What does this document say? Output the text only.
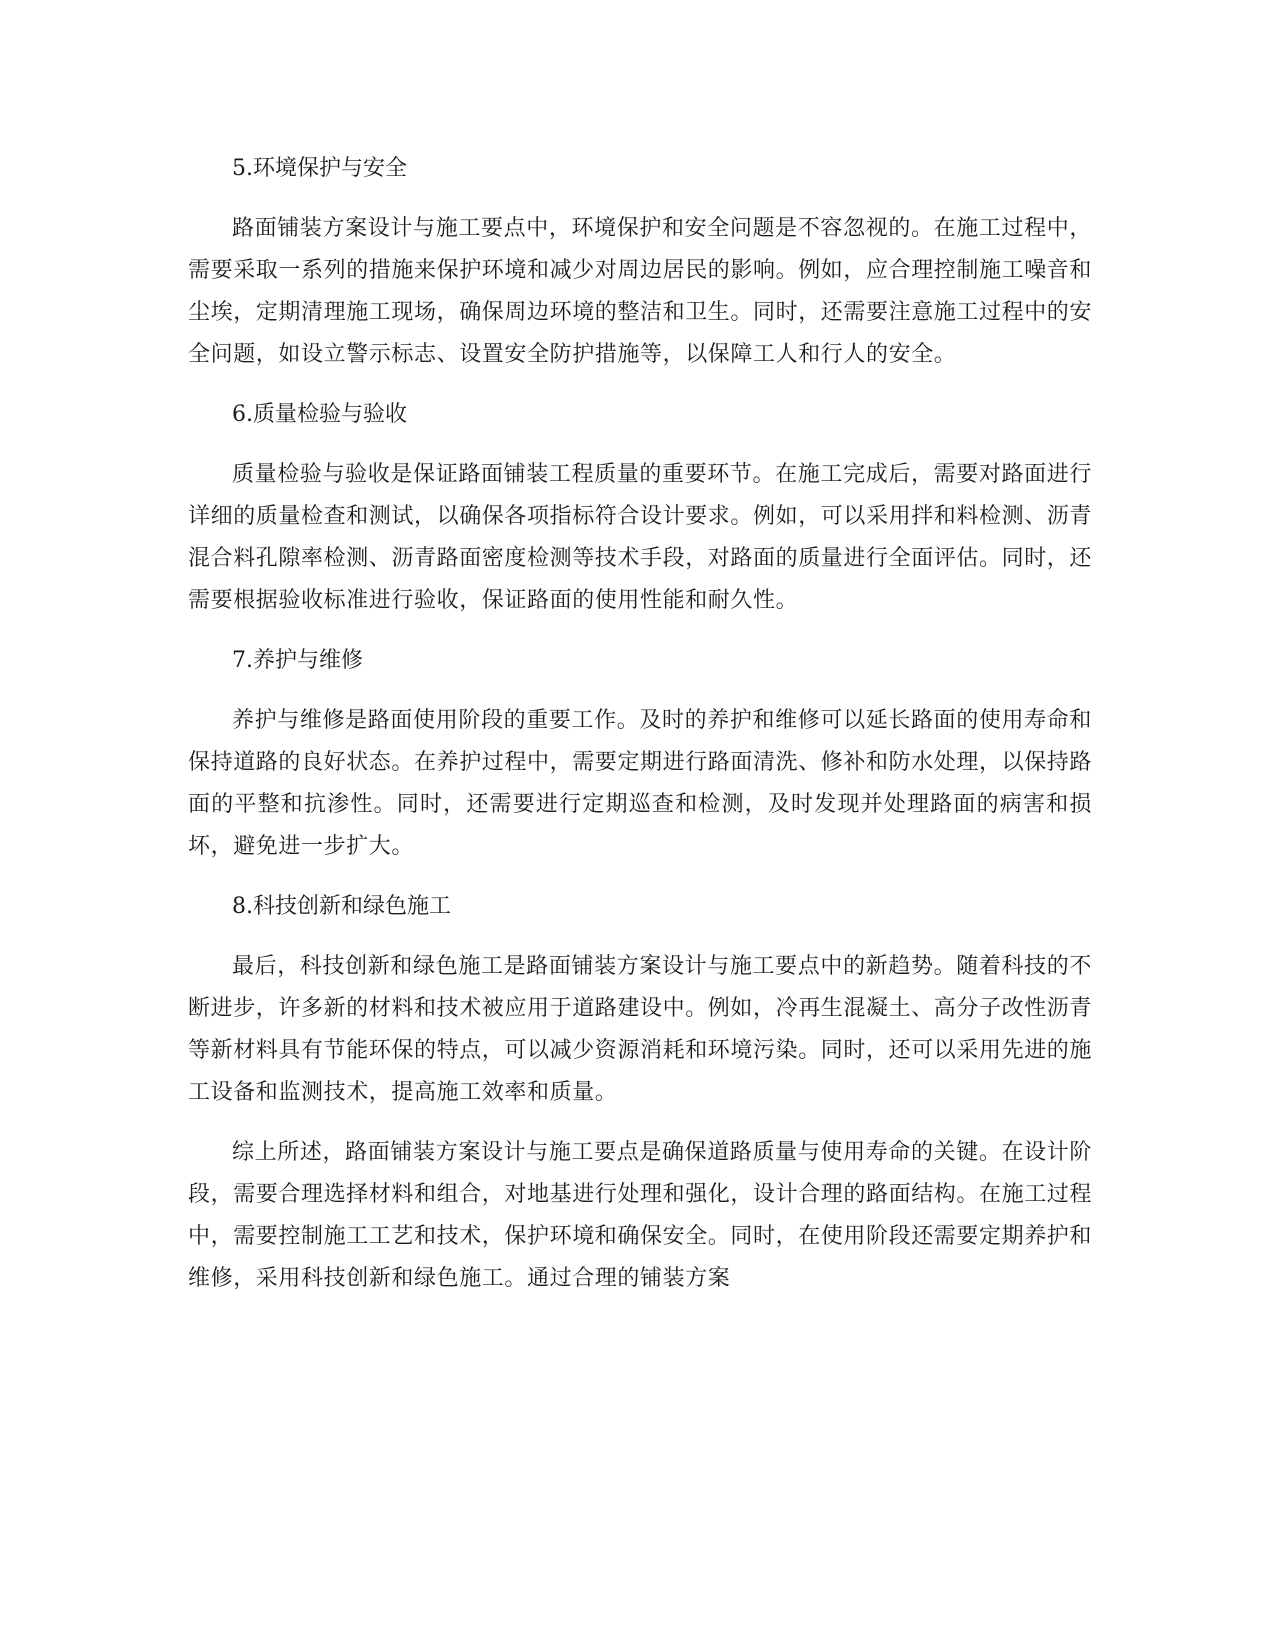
5.环境保护与安全

路面铺装方案设计与施工要点中，环境保护和安全问题是不容忽视的。在施工过程中，需要采取一系列的措施来保护环境和减少对周边居民的影响。例如，应合理控制施工噪音和尘埃，定期清理施工现场，确保周边环境的整洁和卫生。同时，还需要注意施工过程中的安全问题，如设立警示标志、设置安全防护措施等，以保障工人和行人的安全。

6.质量检验与验收

质量检验与验收是保证路面铺装工程质量的重要环节。在施工完成后，需要对路面进行详细的质量检查和测试，以确保各项指标符合设计要求。例如，可以采用拌和料检测、沥青混合料孔隙率检测、沥青路面密度检测等技术手段，对路面的质量进行全面评估。同时，还需要根据验收标准进行验收，保证路面的使用性能和耐久性。

7.养护与维修

养护与维修是路面使用阶段的重要工作。及时的养护和维修可以延长路面的使用寿命和保持道路的良好状态。在养护过程中，需要定期进行路面清洗、修补和防水处理，以保持路面的平整和抗渗性。同时，还需要进行定期巡查和检测，及时发现并处理路面的病害和损坏，避免进一步扩大。

8.科技创新和绿色施工

最后，科技创新和绿色施工是路面铺装方案设计与施工要点中的新趋势。随着科技的不断进步，许多新的材料和技术被应用于道路建设中。例如，冷再生混凝土、高分子改性沥青等新材料具有节能环保的特点，可以减少资源消耗和环境污染。同时，还可以采用先进的施工设备和监测技术，提高施工效率和质量。

综上所述，路面铺装方案设计与施工要点是确保道路质量与使用寿命的关键。在设计阶段，需要合理选择材料和组合，对地基进行处理和强化，设计合理的路面结构。在施工过程中，需要控制施工工艺和技术，保护环境和确保安全。同时，在使用阶段还需要定期养护和维修，采用科技创新和绿色施工。通过合理的铺装方案
